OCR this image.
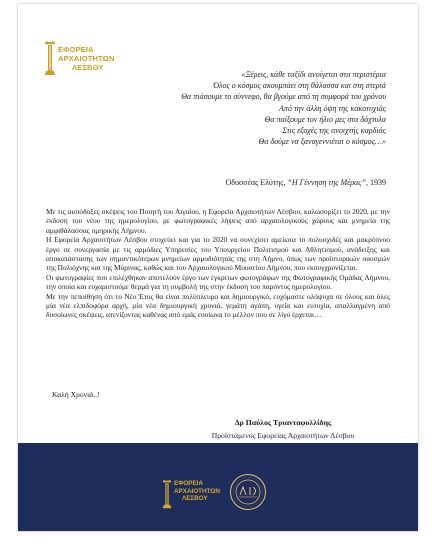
ΕΦΟΡΕΙΑ
ΑΡΧΑΙΟΤΗΤΩΝ
ΛΕΣΒΟΥ
«Ξέρεις, κάθε ταξίδι ανοίγεται στα περιστέρια
Όλος ο κόσμος ακουμπάει στη θάλασσα και στη στεριά
Θα πιάσουμε το σύννεφο, θα βγούμε από τη συμφορά του χρόνου
Από την άλλη όψη της κακοτυχιάς
Θα παίξουμε τον ήλιο μες στα δάχτυλα
Στις εξοχές της ανοιχτής καρδιάς
Θα δούμε να ξαναγεννιέται ο κόσμος…»
Οδυσσέας Ελύτης, “Η Γέννηση της Μέρας”, 1939

Με τις αισιόδοξες σκέψεις του Ποιητή του Αιγαίου, η Εφορεία Αρχαιοτήτων Λέσβου, καλωσορίζει το 2020, με την έκδοση του νέου της ημερολογίου, με φωτογραφικές λήψεις από αρχαιολογικούς χώρους και μνημεία της αμφιθάλασσας ομηρικής Λήμνου.

Η Εφορεία Αρχαιοτήτων Λέσβου στοχεύει και για το 2020 να συνεχίσει αμείωτα το πολυσχιδές και μακρόπνοο έργο σε συνεργασία με τις αρμόδιες Υπηρεσίες του Υπουργείου Πολιτισμού και Αθλητισμού, ανάδειξης και αποκατάστασης των σημαντικότερων μνημείων αρμοδιότητάς της στη Λήμνο, όπως των προϊστορικών οικισμών της Πολιόχνης και της Μύρινας, καθώς και του Αρχαιολογικού Μουσείου Λήμνου, που εκσυγχρονίζεται.

Οι φωτογραφίες που επιλέχθηκαν αποτελούν έργο των έγκριτων φωτογράφων της Φωτογραφικής Ομάδας Λήμνου, την οποία και ευχαριστούμε θερμά για τη συμβολή της στην έκδοση του παρόντος ημερολογίου.

Με την πεποίθηση ότι το Νέο Έτος θα είναι πολύπλευρο και δημιουργικό, ευχόμαστε ολόψυχα σε όλους και όλες μία νέα ελπιδοφόρα αρχή, μία νέα δημιουργική χρονιά, γεμάτη αγάπη, υγεία και ευτυχία, απαλλαγμένη από δυσοίωνες σκέψεις, ατενίζοντας καθένας από εμάς ευοίωνα το μέλλον που σε λίγο έρχεται…

Καλή Χρονιά..!
Δρ Παύλος Τριανταφυλλίδης
Προϊστάμενος Εφορείας Αρχαιοτήτων Λέσβου
ΕΦΟΡΕΙΑ
ΑΡΧΑΙΟΤΗΤΩΝ
ΛΕΣΒΟΥ
